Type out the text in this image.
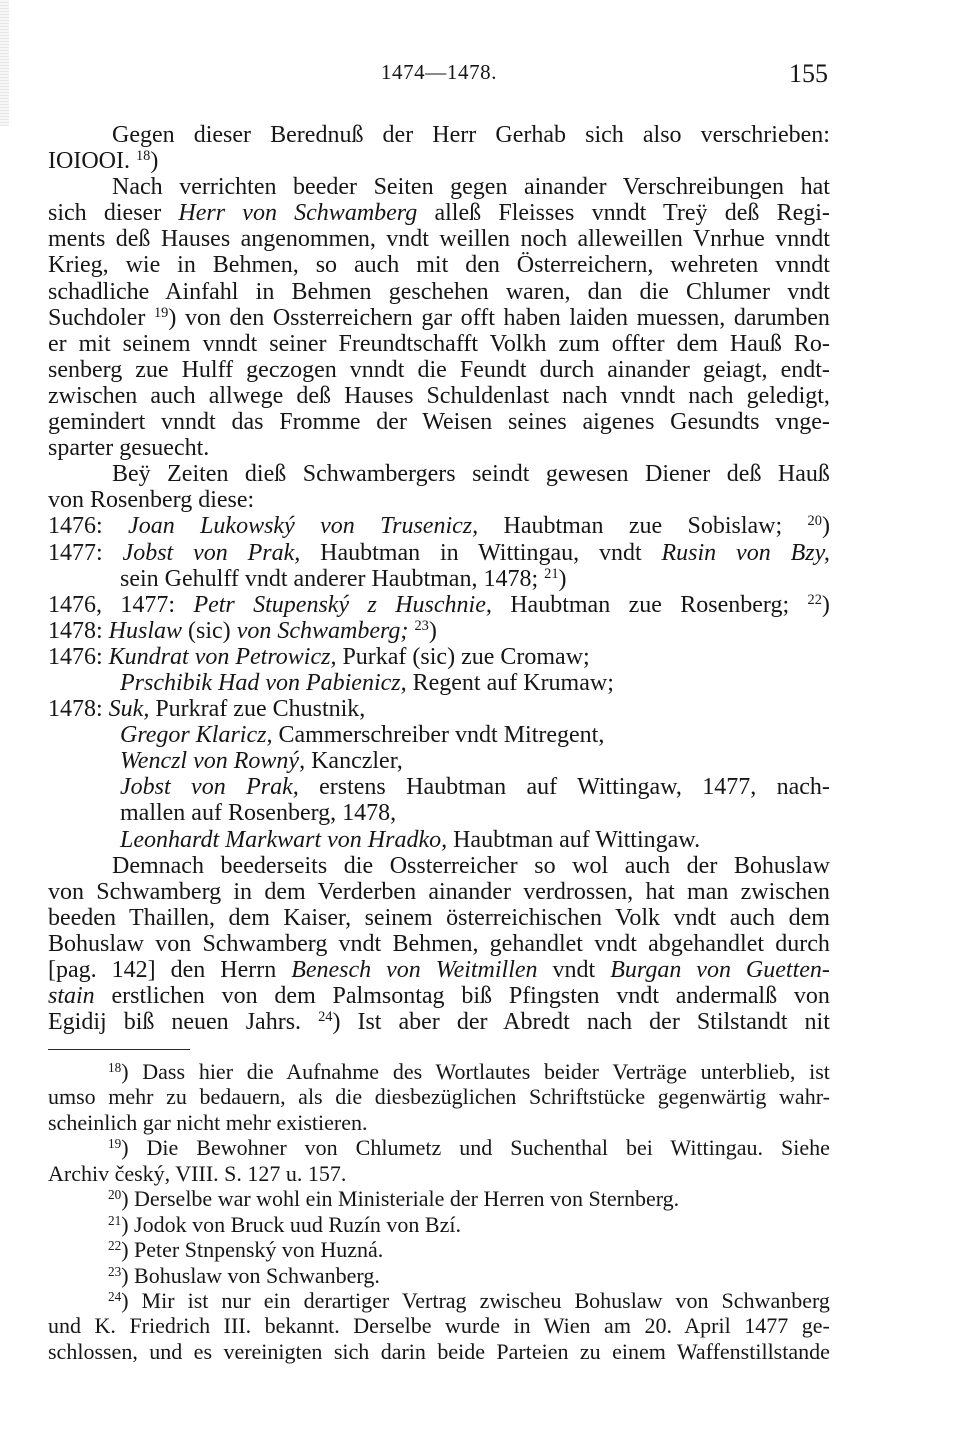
1474—1478.	155
Gegen dieser Berednuß der Herr Gerhab sich also verschrieben:
IOIOOI. $^{18}$)
Nach verrichten beeder Seiten gegen ainander Verschreibungen hat
sich dieser Herr von Schwamberg alleß Fleisses vnndt Treÿ deß Regi-
ments deß Hauses angenommen, vndt weillen noch alleweillen Vnrhue vnndt
Krieg, wie in Behmen, so auch mit den Österreichern, wehreten vnndt
schadliche Ainfahl in Behmen geschehen waren, dan die Chlumer vndt
Suchdoler $^{19}$) von den Ossterreichern gar offt haben laiden muessen, darumben
er mit seinem vnndt seiner Freundtschafft Volkh zum offter dem Hauß Ro-
senberg zue Hulff geczogen vnndt die Feundt durch ainander geiagt, endt-
zwischen auch allwege deß Hauses Schuldenlast nach vnndt nach geledigt,
gemindert vnndt das Fromme der Weisen seines aigenes Gesundts vnge-
sparter gesuecht.
Beÿ Zeiten dieß Schwambergers seindt gewesen Diener deß Hauß
von Rosenberg diese:
1476: Joan Lukowský von Trusenicz, Haubtman zue Sobislaw; $^{20}$)
1477: Jobst von Prak, Haubtman in Wittingau, vndt Rusin von Bzy,
sein Gehulff vndt anderer Haubtman, 1478; $^{21}$)
1476, 1477: Petr Stupenský z Huschnie, Haubtman zue Rosenberg; $^{22}$)
1478: Huslaw (sic) von Schwamberg; $^{23}$)
1476: Kundrat von Petrowicz, Purkaf (sic) zue Cromaw;
Prschibik Had von Pabienicz, Regent auf Krumaw;
1478: Suk, Purkraf zue Chustnik,
Gregor Klaricz, Cammerschreiber vndt Mitregent,
Wenczl von Rowný, Kanczler,
Jobst von Prak, erstens Haubtman auf Wittingaw, 1477, nach-
mallen auf Rosenberg, 1478,
Leonhardt Markwart von Hradko, Haubtman auf Wittingaw.
Demnach beederseits die Ossterreicher so wol auch der Bohuslaw
von Schwamberg in dem Verderben ainander verdrossen, hat man zwischen
beeden Thaillen, dem Kaiser, seinem österreichischen Volk vndt auch dem
Bohuslaw von Schwamberg vndt Behmen, gehandlet vndt abgehandlet durch
[pag. 142] den Herrn Benesch von Weitmillen vndt Burgan von Guetten-
stain erstlichen von dem Palmsontag biß Pfingsten vndt andermalß von
Egidij biß neuen Jahrs. $^{24}$) Ist aber der Abredt nach der Stilstandt nit
$^{18}$) Dass hier die Aufnahme des Wortlautes beider Verträge unterblieb, ist
umso mehr zu bedauern, als die diesbezüglichen Schriftstücke gegenwärtig wahr-
scheinlich gar nicht mehr existieren.
$^{19}$) Die Bewohner von Chlumetz und Suchenthal bei Wittingau. Siehe
Archiv český, VIII. S. 127 u. 157.
$^{20}$) Derselbe war wohl ein Ministeriale der Herren von Sternberg.
$^{21}$) Jodok von Bruck uud Ruzín von Bzí.
$^{22}$) Peter Stnpenský von Huzná.
$^{23}$) Bohuslaw von Schwanberg.
$^{24}$) Mir ist nur ein derartiger Vertrag zwischeu Bohuslaw von Schwanberg
und K. Friedrich III. bekannt. Derselbe wurde in Wien am 20. April 1477 ge-
schlossen, und es vereinigten sich darin beide Parteien zu einem Waffenstillstande
